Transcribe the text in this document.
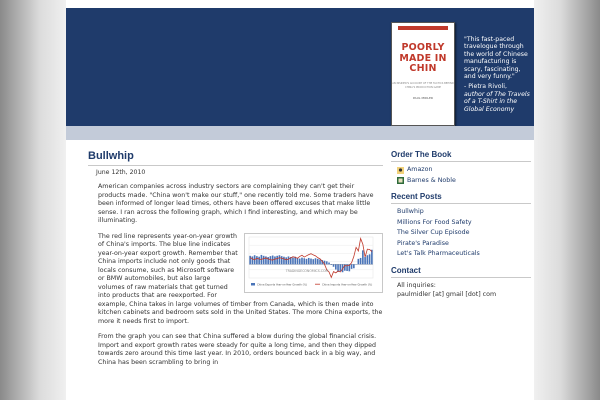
POORLY
MADE IN
CHIN
AN INSIDER'S ACCOUNT OF THE TACTICS BEHIND CHINA'S PRODUCTION GAME
PAUL MIDLER
"This fast-paced travelogue through the world of Chinese manufacturing is scary, fascinating, and very funny."
- Pietra Rivoli,
author of The Travels of a T-Shirt in the Global Economy
Bullwhip
June 12th, 2010
American companies across industry sectors are complaining they can't get their products made. "China won't make our stuff," one recently told me. Some traders have been informed of longer lead times, others have been offered excuses that make little sense. I ran across the following graph, which I find interesting, and which may be illuminating.
TRADINGECONOMICS.COM
China Exports Year-on-Year Growth (%)	China Imports Year-on-Year Growth (%)
The red line represents year-on-year growth of China's imports. The blue line indicates year-on-year export growth. Remember that China imports include not only goods that locals consume, such as Microsoft software or BMW automobiles, but also large volumes of raw materials that get turned into products that are reexported. For example, China takes in large volumes of timber from Canada, which is then made into kitchen cabinets and bedroom sets sold in the United States. The more China exports, the more it needs first to import.
From the graph you can see that China suffered a blow during the global financial crisis. Import and export growth rates were steady for quite a long time, and then they dipped towards zero around this time last year. In 2010, orders bounced back in a big way, and China has been scrambling to bring in
Order The Book
Amazon
Barnes & Noble
Recent Posts
Bullwhip
Millions For Food Safety
The Silver Cup Episode
Pirate's Paradise
Let's Talk Pharmaceuticals
Contact
All inquiries:
paulmidler [at] gmail [dot] com
